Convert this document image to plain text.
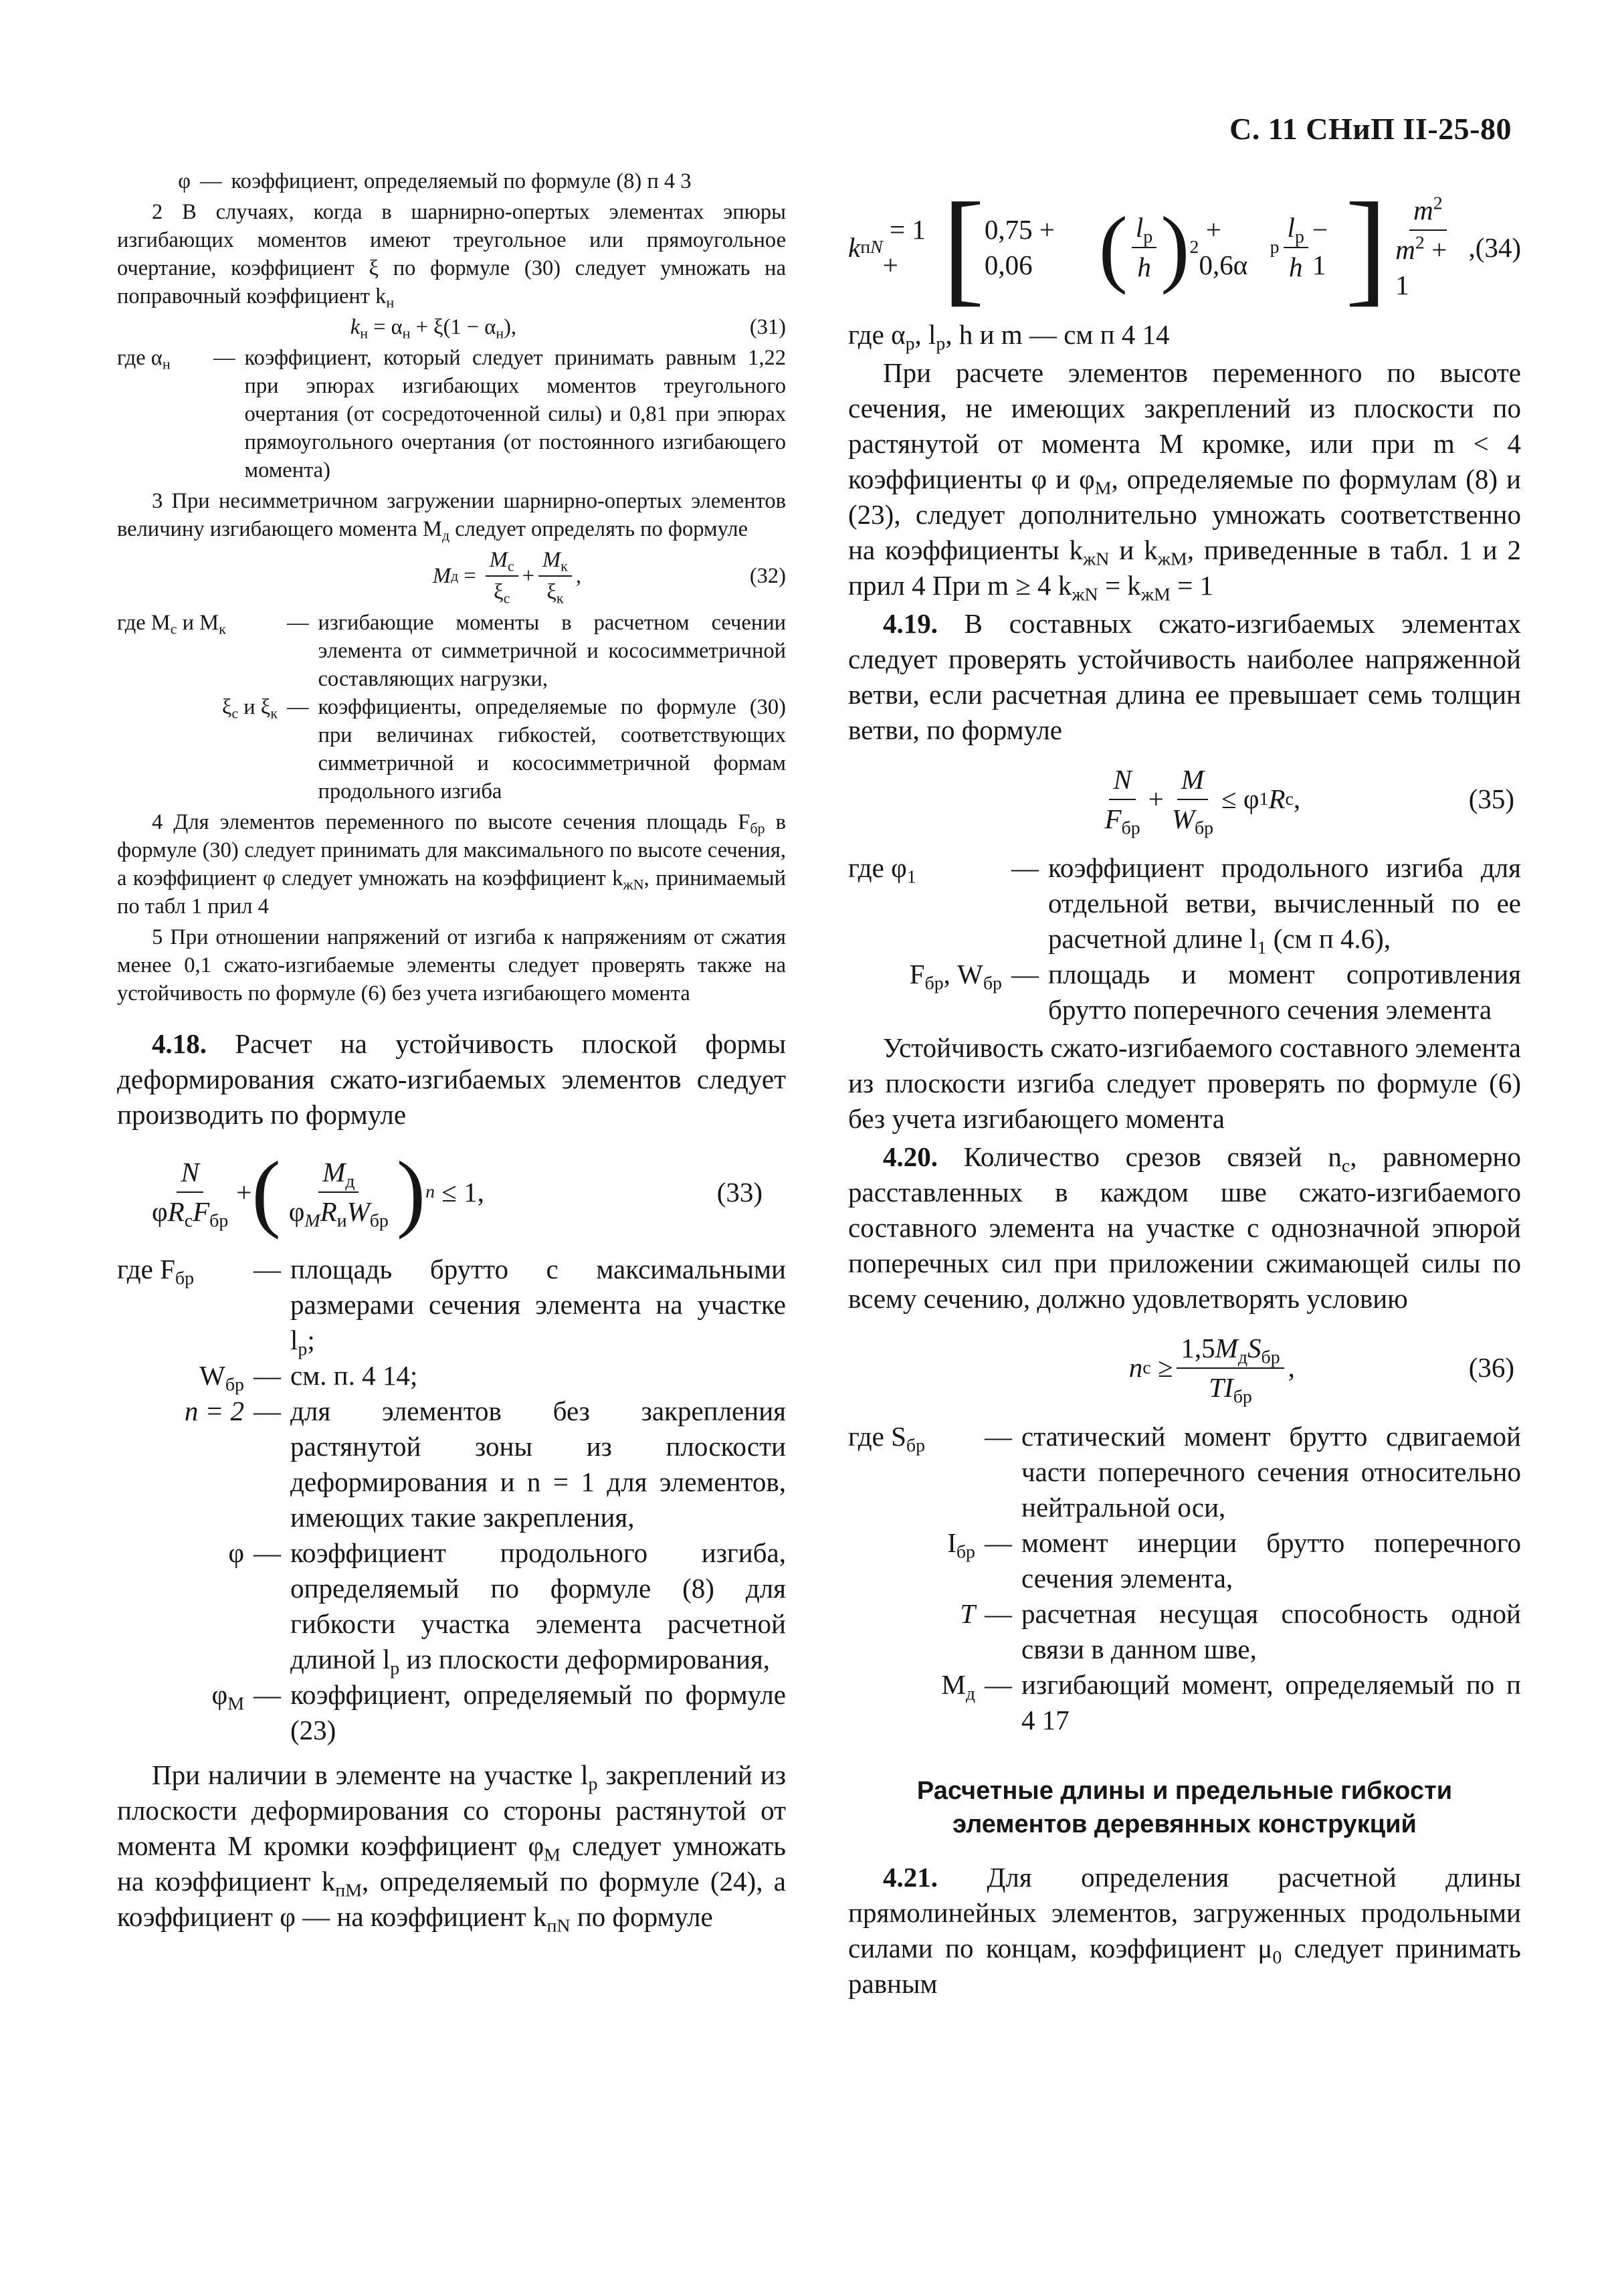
С. 11 СНиП II-25-80
φ — коэффициент, определяемый по формуле (8) п 4 3

2 В случаях, когда в шарнирно-опертых элементах эпюры изгибающих моментов имеют треугольное или прямоугольное очертание, коэффициент ξ по формуле (30) следует умножать на поправочный коэффициент $k_н$

$k_н = \alpha_н + \xi(1 - \alpha_н)$,	(31)
где $\alpha_н$	— коэффициент, который следует принимать равным 1,22 при эпюрах изгибающих моментов треугольного очертания (от сосредоточенной силы) и 0,81 при эпюрах прямоугольного очертания (от постоянного изгибающего момента)

3 При несимметричном загружении шарнирно-опертых элементов величину изгибающего момента $М_д$ следует определять по формуле

M $д = \frac{M_с}{\xi_с} + \frac{M_к}{\xi_к}$ ,	(32)
где $М_с$ и $М_к$	— изгибающие моменты в расчетном сечении элемента от симметричной и кососимметричной составляющих нагрузки,
$\xi_с$ и $\xi_к$ — коэффициенты, определяемые по формуле (30) при величинах гибкостей, соответствующих симметричной и кососимметричной формам продольного изгиба

4 Для элементов переменного по высоте сечения площадь $F_{бр}$ в формуле (30) следует принимать для максимального по высоте сечения, а коэффициент φ следует умножать на коэффициент $k_{жN}$, принимаемый по табл 1 прил 4

5 При отношении напряжений от изгиба к напряжениям от сжатия менее 0,1 сжато-изгибаемые элементы следует проверять также на устойчивость по формуле (6) без учета изгибающего момента

4.18. Расчет на устойчивость плоской формы деформирования сжато-изгибаемых элементов следует производить по формуле

$\frac{N}{\varphi R_сF_{бр}}$ + ( $\frac{M_д}{\varphi_MR_иW_{бр}}$ ) n ≤ 1,	(33)
где $F_{бр}$	— площадь брутто с максимальными размерами сечения элемента на участке $l_р$;
$W_{бр}$ — см. п. 4 14;
n = 2 — для элементов без закрепления растянутой зоны из плоскости деформирования и n = 1 для элементов, имеющих такие закрепления,
φ — коэффициент продольного изгиба, определяемый по формуле (8) для гибкости участка элемента расчетной длиной $l_р$ из плоскости деформирования,
$\varphi_M$ — коэффициент, определяемый по формуле (23)

При наличии в элементе на участке $l_р$ закреплений из плоскости деформирования со стороны растянутой от момента М кромки коэффициент $\varphi_M$ следует умножать на коэффициент $k_{пM}$, определяемый по формуле (24), а коэффициент φ — на коэффициент $k_{пN}$ по формуле

k пN
= 1 + [ 0,75 + 0,06 ( $\frac{l_р}{h}$ ) 2
+ 0,6α
р $\frac{l_р}{h} - 1$ ] $\frac{m^2}{m^2 + 1}$ , (34)

где $\alpha_р$, $l_р$, h и m — см п 4 14

При расчете элементов переменного по высоте сечения, не имеющих закреплений из плоскости по растянутой от момента М кромке, или при m < 4 коэффициенты φ и $\varphi_M$, определяемые по формулам (8) и (23), следует дополнительно умножать соответственно на коэффициенты $k_{жN}$ и $k_{жM}$, приведенные в табл. 1 и 2 прил 4 При m ≥ 4 $k_{жN} = k_{жM} = 1$

4.19. В составных сжато-изгибаемых элементах следует проверять устойчивость наиболее напряженной ветви, если расчетная длина ее превышает семь толщин ветви, по формуле

$\frac{N}{F_{бр}} + \frac{M}{W_{бр}} \le \varphi$ 1 R с ,	(35)
где $\varphi_1$	— коэффициент продольного изгиба для отдельной ветви, вычисленный по ее расчетной длине $l_1$ (см п 4.6),
$F_{бр}$, $W_{бр}$ — площадь и момент сопротивления брутто поперечного сечения элемента

Устойчивость сжато-изгибаемого составного элемента из плоскости изгиба следует проверять по формуле (6) без учета изгибающего момента

4.20. Количество срезов связей $n_с$, равномерно расставленных в каждом шве сжато-изгибаемого составного элемента на участке с однозначной эпюрой поперечных сил при приложении сжимающей силы по всему сечению, должно удовлетворять условию

n $с \ge \frac{1,5M_дS_{бр}}{TI_{бр}}$ ,	(36)
где $S_{бр}$	— статический момент брутто сдвигаемой части поперечного сечения относительно нейтральной оси,
$I_{бр}$ — момент инерции брутто поперечного сечения элемента,
T — расчетная несущая способность одной связи в данном шве,
$М_д$ — изгибающий момент, определяемый по п 4 17
Расчетные длины и предельные гибкости
элементов деревянных конструкций

4.21. Для определения расчетной длины прямолинейных элементов, загруженных продольными силами по концам, коэффициент $\mu_0$ следует принимать равным
